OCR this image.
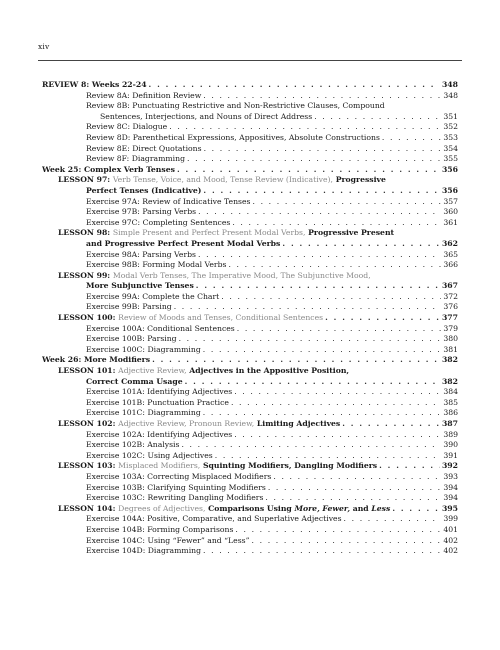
xiv
REVIEW 8: Weeks 22-24 . . .	348
Review 8A: Definition Review . . .	348
Review 8B: Punctuating Restrictive and Non-Restrictive Clauses, Compound
Sentences, Interjections, and Nouns of Direct Address . . .	351
Review 8C: Dialogue . . .	352
Review 8D: Parenthetical Expressions, Appositives, Absolute Constructions . . .	353
Review 8E: Direct Quotations . . .	354
Review 8F: Diagramming . . .	355
Week 25: Complex Verb Tenses . . .	356
LESSON 97: Verb Tense, Voice, and Mood, Tense Review (Indicative), Progressive
Perfect Tenses (Indicative) . . .	356
Exercise 97A: Review of Indicative Tenses . . .	357
Exercise 97B: Parsing Verbs . . .	360
Exercise 97C: Completing Sentences . . .	361
LESSON 98: Simple Present and Perfect Present Modal Verbs, Progressive Present
and Progressive Perfect Present Modal Verbs . . .	362
Exercise 98A: Parsing Verbs . . .	365
Exercise 98B: Forming Modal Verbs . . .	366
LESSON 99: Modal Verb Tenses, The Imperative Mood, The Subjunctive Mood,
More Subjunctive Tenses . . .	367
Exercise 99A: Complete the Chart . . .	372
Exercise 99B: Parsing . . .	376
LESSON 100: Review of Moods and Tenses, Conditional Sentences . . .	377
Exercise 100A: Conditional Sentences . . .	379
Exercise 100B: Parsing . . .	380
Exercise 100C: Diagramming . . .	381
Week 26: More Modifiers . . .	382
LESSON 101: Adjective Review, Adjectives in the Appositive Position,
Correct Comma Usage . . .	382
Exercise 101A: Identifying Adjectives . . .	384
Exercise 101B: Punctuation Practice . . .	385
Exercise 101C: Diagramming . . .	386
LESSON 102: Adjective Review, Pronoun Review, Limiting Adjectives . . .	387
Exercise 102A: Identifying Adjectives . . .	389
Exercise 102B: Analysis . . .	390
Exercise 102C: Using Adjectives . . .	391
LESSON 103: Misplaced Modifiers, Squinting Modifiers, Dangling Modifiers . . .	392
Exercise 103A: Correcting Misplaced Modifiers . . .	393
Exercise 103B: Clarifying Squinting Modifiers . . .	394
Exercise 103C: Rewriting Dangling Modifiers . . .	394
LESSON 104: Degrees of Adjectives, Comparisons Using More, Fewer, and Less . . .	395
Exercise 104A: Positive, Comparative, and Superlative Adjectives . . .	399
Exercise 104B: Forming Comparisons . . .	401
Exercise 104C: Using “Fewer” and “Less” . . .	402
Exercise 104D: Diagramming . . .	402
